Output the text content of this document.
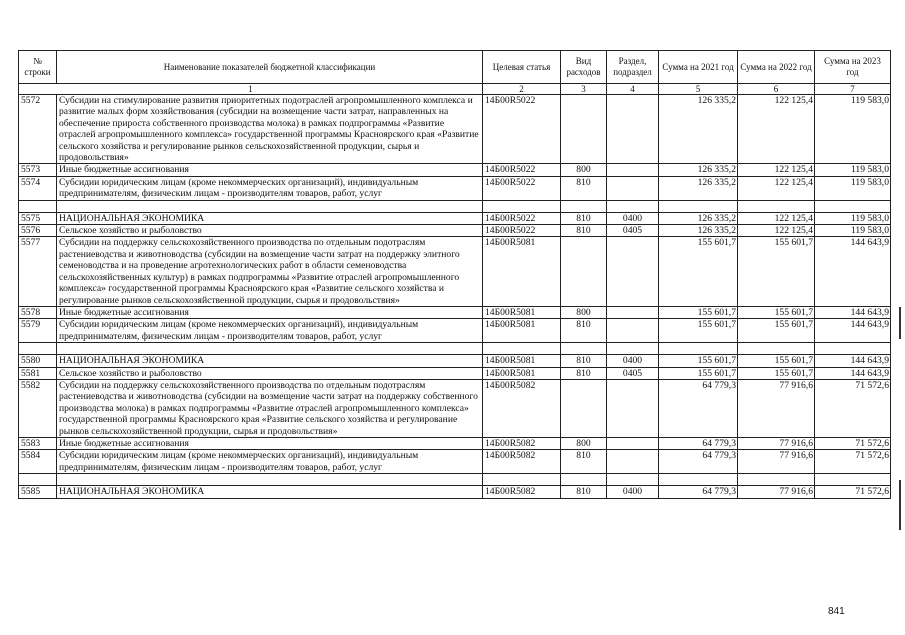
№ строки	Наименование показателей бюджетной классификации	Целевая статья	Вид расходов	Раздел, подраздел	Сумма на 2021 год	Сумма на 2022 год	Сумма на 2023 год
1		2	3	4	5	6	7
5572	Субсидии на стимулирование развития приоритетных подотраслей агропромышленного комплекса и развитие малых форм хозяйствования (субсидии на возмещение части затрат, направленных на обеспечение прироста собственного производства молока) в рамках подпрограммы «Развитие отраслей агропромышленного комплекса» государственной программы Красноярского края «Развитие сельского хозяйства и регулирование рынков сельскохозяйственной продукции, сырья и продовольствия»	14Б00R5022			126 335,2	122 125,4	119 583,0
5573	Иные бюджетные ассигнования	14Б00R5022	800		126 335,2	122 125,4	119 583,0
5574	Субсидии юридическим лицам (кроме некоммерческих организаций), индивидуальным предпринимателям, физическим лицам - производителям товаров, работ, услуг	14Б00R5022	810		126 335,2	122 125,4	119 583,0

5575	НАЦИОНАЛЬНАЯ ЭКОНОМИКА	14Б00R5022	810	0400	126 335,2	122 125,4	119 583,0
5576	Сельское хозяйство и рыболовство	14Б00R5022	810	0405	126 335,2	122 125,4	119 583,0
5577	Субсидии на поддержку сельскохозяйственного производства по отдельным подотраслям растениеводства и животноводства (субсидии на возмещение части затрат на поддержку элитного семеноводства и на проведение агротехнологических работ в области семеноводства сельскохозяйственных культур) в рамках подпрограммы «Развитие отраслей агропромышленного комплекса» государственной программы Красноярского края «Развитие сельского хозяйства и регулирование рынков сельскохозяйственной продукции, сырья и продовольствия»	14Б00R5081			155 601,7	155 601,7	144 643,9
5578	Иные бюджетные ассигнования	14Б00R5081	800		155 601,7	155 601,7	144 643,9
5579	Субсидии юридическим лицам (кроме некоммерческих организаций), индивидуальным предпринимателям, физическим лицам - производителям товаров, работ, услуг	14Б00R5081	810		155 601,7	155 601,7	144 643,9

5580	НАЦИОНАЛЬНАЯ ЭКОНОМИКА	14Б00R5081	810	0400	155 601,7	155 601,7	144 643,9
5581	Сельское хозяйство и рыболовство	14Б00R5081	810	0405	155 601,7	155 601,7	144 643,9
5582	Субсидии на поддержку сельскохозяйственного производства по отдельным подотраслям растениеводства и животноводства (субсидии на возмещение части затрат на поддержку собственного производства молока) в рамках подпрограммы «Развитие отраслей агропромышленного комплекса» государственной программы Красноярского края «Развитие сельского хозяйства и регулирование рынков сельскохозяйственной продукции, сырья и продовольствия»	14Б00R5082			64 779,3	77 916,6	71 572,6
5583	Иные бюджетные ассигнования	14Б00R5082	800		64 779,3	77 916,6	71 572,6
5584	Субсидии юридическим лицам (кроме некоммерческих организаций), индивидуальным предпринимателям, физическим лицам - производителям товаров, работ, услуг	14Б00R5082	810		64 779,3	77 916,6	71 572,6

5585	НАЦИОНАЛЬНАЯ ЭКОНОМИКА	14Б00R5082	810	0400	64 779,3	77 916,6	71 572,6
841
